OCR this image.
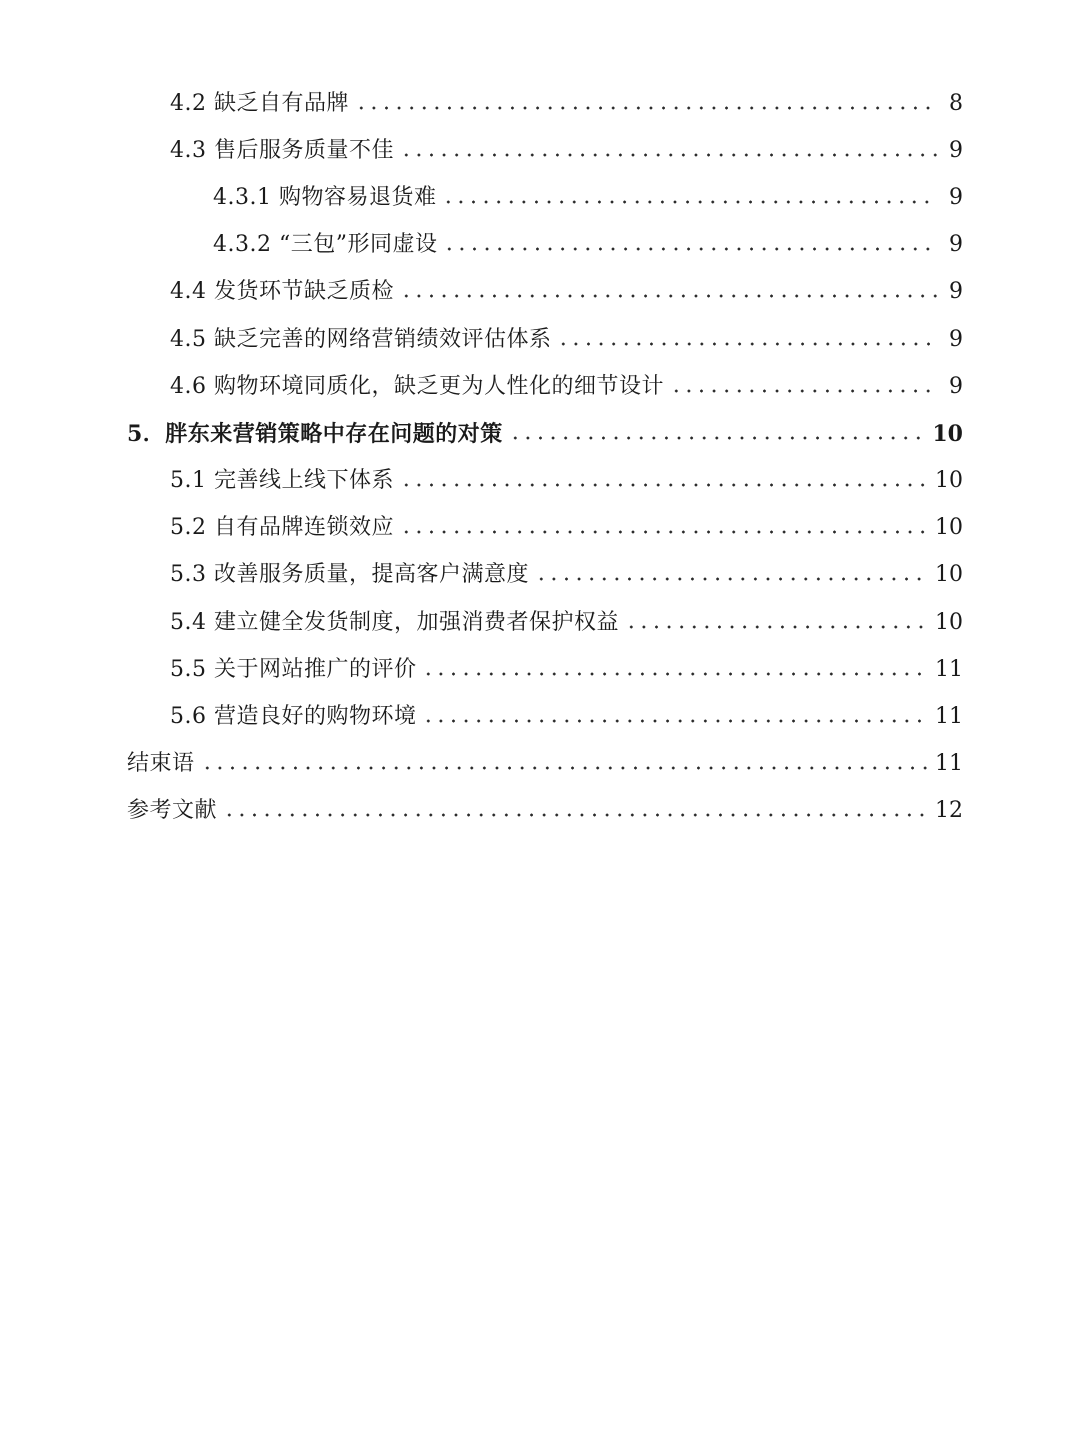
4.2 缺乏自有品牌	8
4.3 售后服务质量不佳	9
4.3.1 购物容易退货难	9
4.3.2 “三包”形同虚设	9
4.4 发货环节缺乏质检	9
4.5 缺乏完善的网络营销绩效评估体系	9
4.6 购物环境同质化，缺乏更为人性化的细节设计	9
5．胖东来营销策略中存在问题的对策	10
5.1 完善线上线下体系	10
5.2 自有品牌连锁效应	10
5.3 改善服务质量，提高客户满意度	10
5.4 建立健全发货制度，加强消费者保护权益	10
5.5 关于网站推广的评价	11
5.6 营造良好的购物环境	11
结束语	11
参考文献	12
